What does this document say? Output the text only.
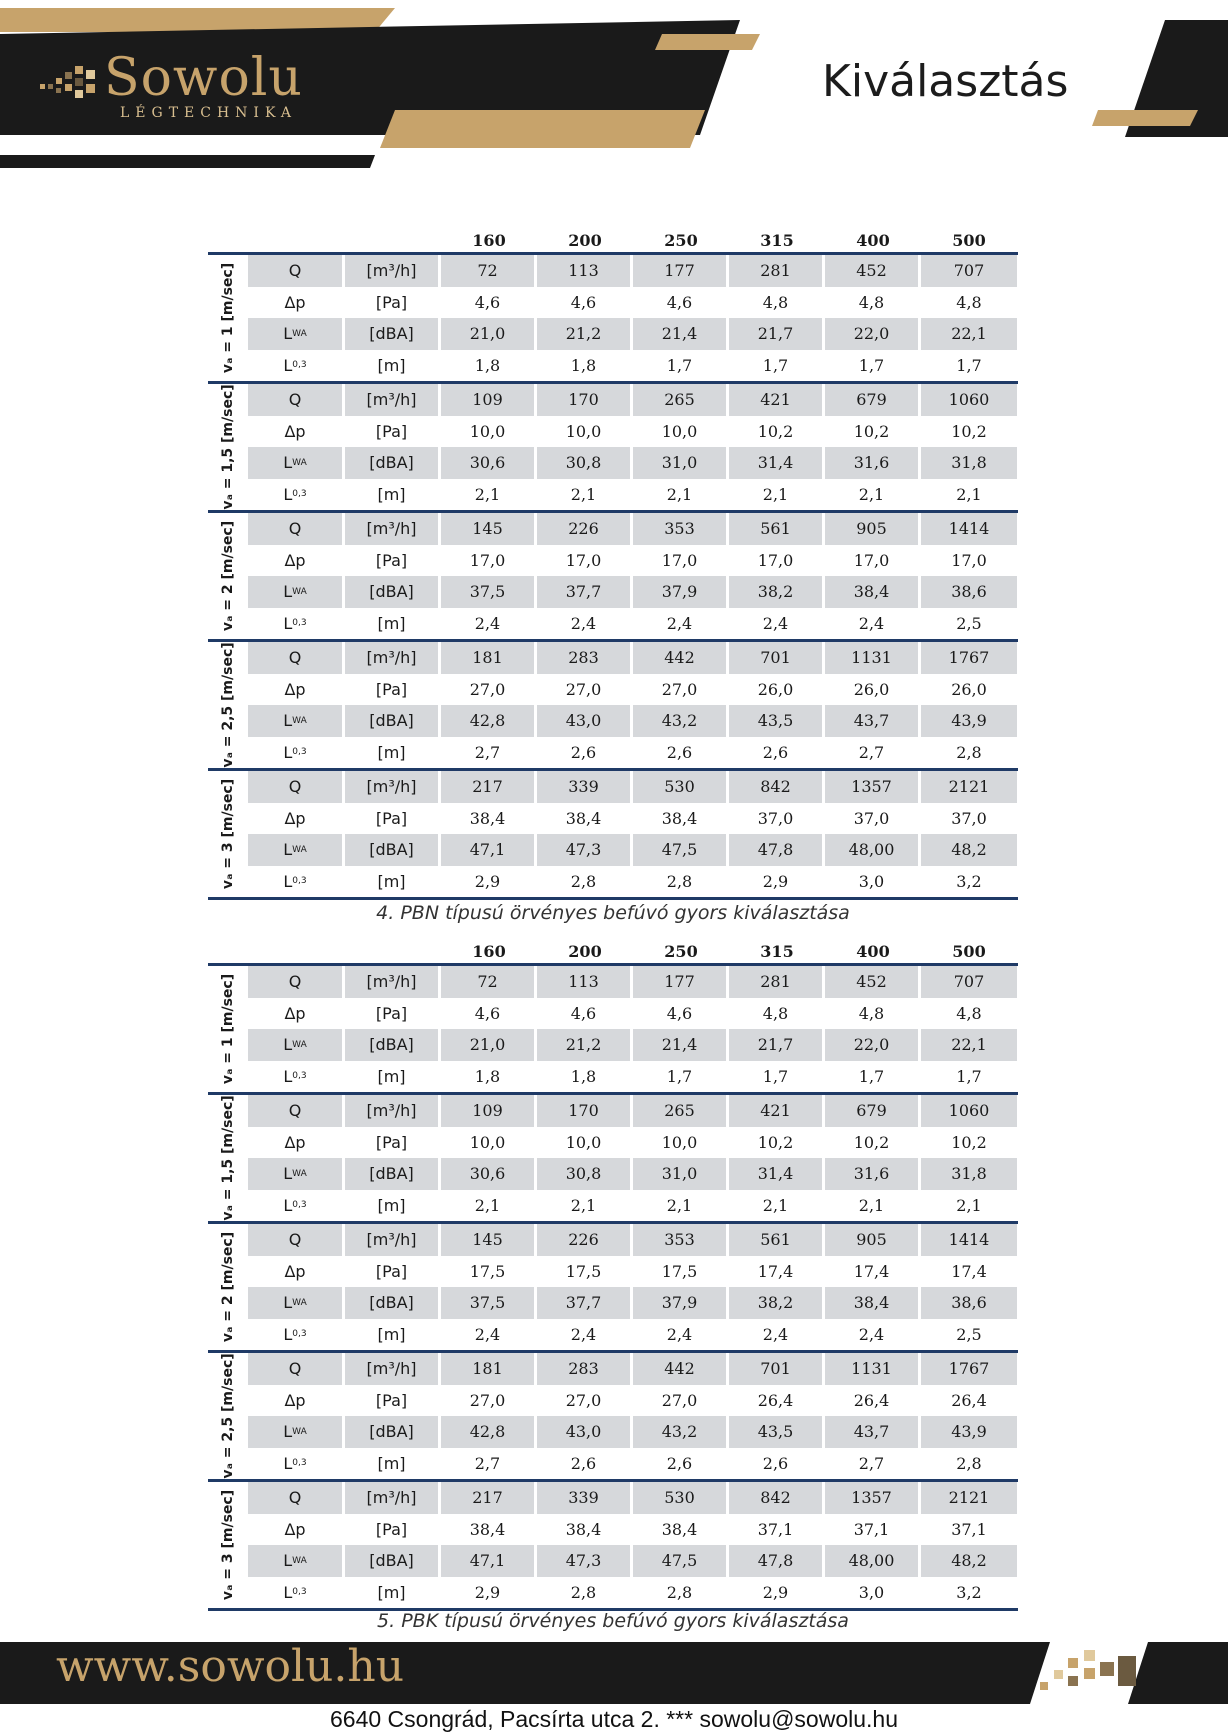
Sowolu
LÉGTECHNIKA
Kiválasztás
160	200	250	315	400	500
vₐ = 1 [m/sec]	Q	[m³/h]	72	113	177	281	452	707
Δp	[Pa]	4,6	4,6	4,6	4,8	4,8	4,8
L WA	[dBA]	21,0	21,2	21,4	21,7	22,0	22,1
L 0,3	[m]	1,8	1,8	1,7	1,7	1,7	1,7
vₐ = 1,5 [m/sec]	Q	[m³/h]	109	170	265	421	679	1060
Δp	[Pa]	10,0	10,0	10,0	10,2	10,2	10,2
L WA	[dBA]	30,6	30,8	31,0	31,4	31,6	31,8
L 0,3	[m]	2,1	2,1	2,1	2,1	2,1	2,1
vₐ = 2 [m/sec]	Q	[m³/h]	145	226	353	561	905	1414
Δp	[Pa]	17,0	17,0	17,0	17,0	17,0	17,0
L WA	[dBA]	37,5	37,7	37,9	38,2	38,4	38,6
L 0,3	[m]	2,4	2,4	2,4	2,4	2,4	2,5
vₐ = 2,5 [m/sec]	Q	[m³/h]	181	283	442	701	1131	1767
Δp	[Pa]	27,0	27,0	27,0	26,0	26,0	26,0
L WA	[dBA]	42,8	43,0	43,2	43,5	43,7	43,9
L 0,3	[m]	2,7	2,6	2,6	2,6	2,7	2,8
vₐ = 3 [m/sec]	Q	[m³/h]	217	339	530	842	1357	2121
Δp	[Pa]	38,4	38,4	38,4	37,0	37,0	37,0
L WA	[dBA]	47,1	47,3	47,5	47,8	48,00	48,2
L 0,3	[m]	2,9	2,8	2,8	2,9	3,0	3,2
4. PBN típusú örvényes befúvó gyors kiválasztása
160	200	250	315	400	500
vₐ = 1 [m/sec]	Q	[m³/h]	72	113	177	281	452	707
Δp	[Pa]	4,6	4,6	4,6	4,8	4,8	4,8
L WA	[dBA]	21,0	21,2	21,4	21,7	22,0	22,1
L 0,3	[m]	1,8	1,8	1,7	1,7	1,7	1,7
vₐ = 1,5 [m/sec]	Q	[m³/h]	109	170	265	421	679	1060
Δp	[Pa]	10,0	10,0	10,0	10,2	10,2	10,2
L WA	[dBA]	30,6	30,8	31,0	31,4	31,6	31,8
L 0,3	[m]	2,1	2,1	2,1	2,1	2,1	2,1
vₐ = 2 [m/sec]	Q	[m³/h]	145	226	353	561	905	1414
Δp	[Pa]	17,5	17,5	17,5	17,4	17,4	17,4
L WA	[dBA]	37,5	37,7	37,9	38,2	38,4	38,6
L 0,3	[m]	2,4	2,4	2,4	2,4	2,4	2,5
vₐ = 2,5 [m/sec]	Q	[m³/h]	181	283	442	701	1131	1767
Δp	[Pa]	27,0	27,0	27,0	26,4	26,4	26,4
L WA	[dBA]	42,8	43,0	43,2	43,5	43,7	43,9
L 0,3	[m]	2,7	2,6	2,6	2,6	2,7	2,8
vₐ = 3 [m/sec]	Q	[m³/h]	217	339	530	842	1357	2121
Δp	[Pa]	38,4	38,4	38,4	37,1	37,1	37,1
L WA	[dBA]	47,1	47,3	47,5	47,8	48,00	48,2
L 0,3	[m]	2,9	2,8	2,8	2,9	3,0	3,2
5. PBK típusú örvényes befúvó gyors kiválasztása
www.sowolu.hu
6640 Csongrád, Pacsírta utca 2. *** sowolu@sowolu.hu
